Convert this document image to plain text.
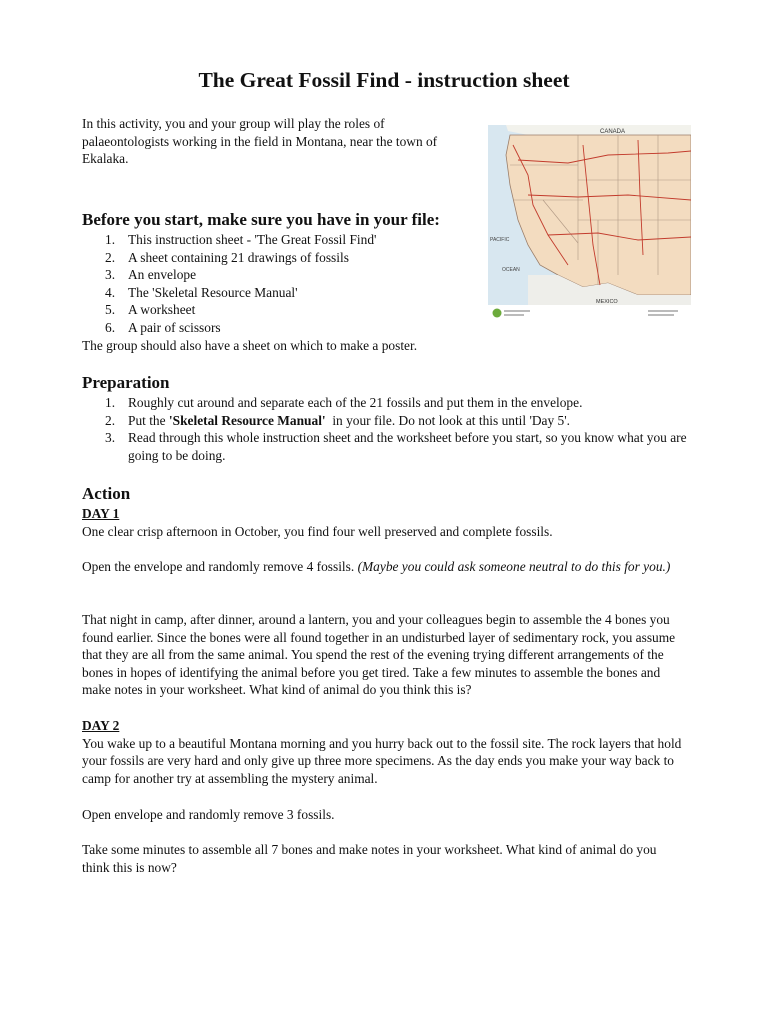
The Great Fossil Find - instruction sheet

In this activity, you and your group will play the roles of palaeontologists working in the field in Montana, near the town of Ekalaka.

CANADA
PACIFIC
OCEAN
MEXICO
Before you start, make sure you have in your file:
1. This instruction sheet - 'The Great Fossil Find'
2. A sheet containing 21 drawings of fossils
3. An envelope
4. The 'Skeletal Resource Manual'
5. A worksheet
6. A pair of scissors

The group should also have a sheet on which to make a poster.

Preparation
1. Roughly cut around and separate each of the 21 fossils and put them in the envelope.
2. Put the 'Skeletal Resource Manual'  in your file. Do not look at this until 'Day 5'.
3. Read through this whole instruction sheet and the worksheet before you start, so you know what you are going to be doing.
Action
DAY 1
One clear crisp afternoon in October, you find four well preserved and complete fossils.

Open the envelope and randomly remove 4 fossils. (Maybe you could ask someone neutral to do this for you.)

That night in camp, after dinner, around a lantern, you and your colleagues begin to assemble the 4 bones you found earlier. Since the bones were all found together in an undisturbed layer of sedimentary rock, you assume that they are all from the same animal. You spend the rest of the evening trying different arrangements of the bones in hopes of identifying the animal before you get tired. Take a few minutes to assemble the bones and make notes in your worksheet. What kind of animal do you think this is?

DAY 2
You wake up to a beautiful Montana morning and you hurry back out to the fossil site. The rock layers that hold your fossils are very hard and only give up three more specimens. As the day ends you make your way back to camp for another try at assembling the mystery animal.

Open envelope and randomly remove 3 fossils.

Take some minutes to assemble all 7 bones and make notes in your worksheet. What kind of animal do you think this is now?
